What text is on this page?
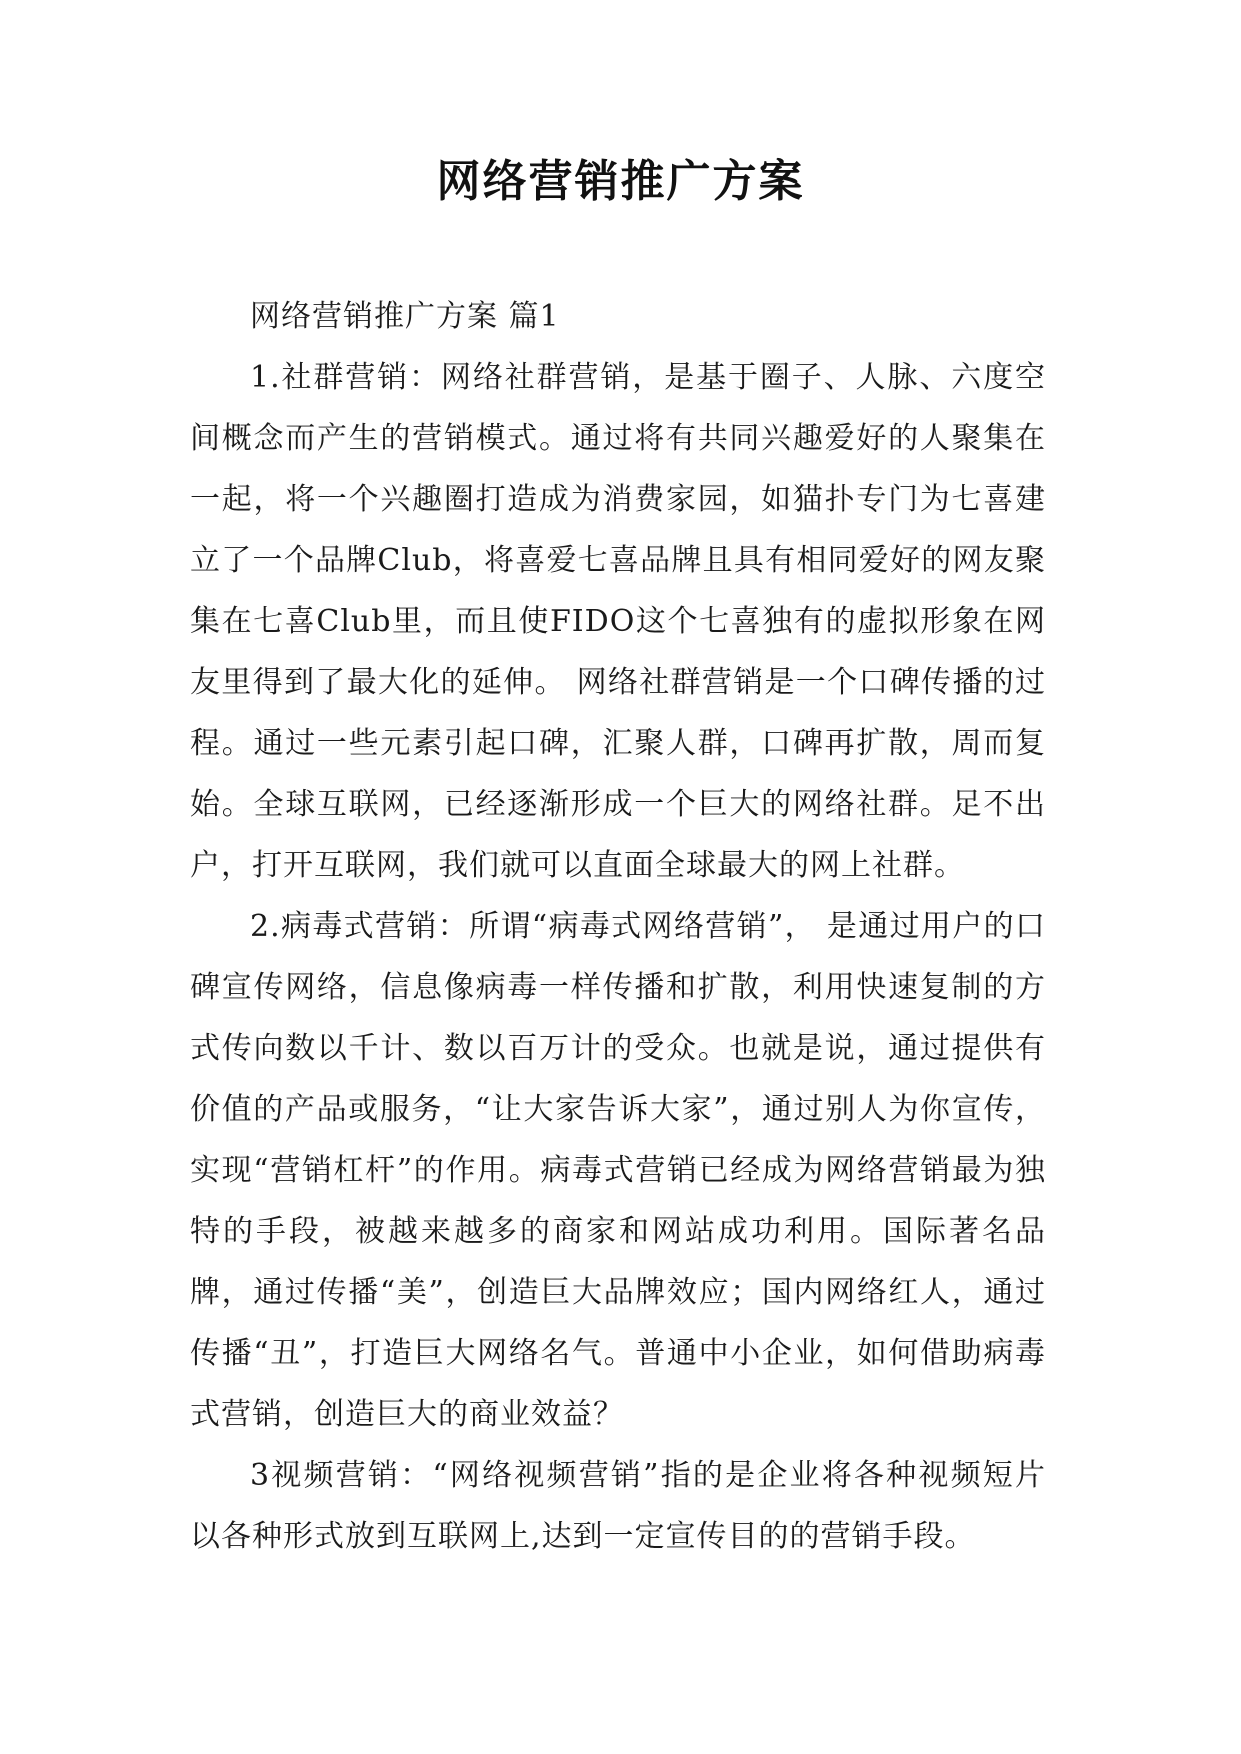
网络营销推广方案

网络营销推广方案 篇1

1.社群营销：网络社群营销，是基于圈子、人脉、六度空间概念而产生的营销模式。通过将有共同兴趣爱好的人聚集在一起，将一个兴趣圈打造成为消费家园，如猫扑专门为七喜建立了一个品牌Club，将喜爱七喜品牌且具有相同爱好的网友聚集在七喜Club里，而且使FIDO这个七喜独有的虚拟形象在网友里得到了最大化的延伸。 网络社群营销是一个口碑传播的过程。通过一些元素引起口碑，汇聚人群，口碑再扩散，周而复始。全球互联网，已经逐渐形成一个巨大的网络社群。足不出户，打开互联网，我们就可以直面全球最大的网上社群。

2.病毒式营销：所谓“病毒式网络营销”， 是通过用户的口碑宣传网络，信息像病毒一样传播和扩散，利用快速复制的方式传向数以千计、数以百万计的受众。也就是说，通过提供有价值的产品或服务，“让大家告诉大家”，通过别人为你宣传，实现“营销杠杆”的作用。病毒式营销已经成为网络营销最为独特的手段，被越来越多的商家和网站成功利用。国际著名品牌，通过传播“美”，创造巨大品牌效应；国内网络红人，通过传播“丑”，打造巨大网络名气。普通中小企业，如何借助病毒式营销，创造巨大的商业效益？

3视频营销：“网络视频营销”指的是企业将各种视频短片以各种形式放到互联网上,达到一定宣传目的的营销手段。
